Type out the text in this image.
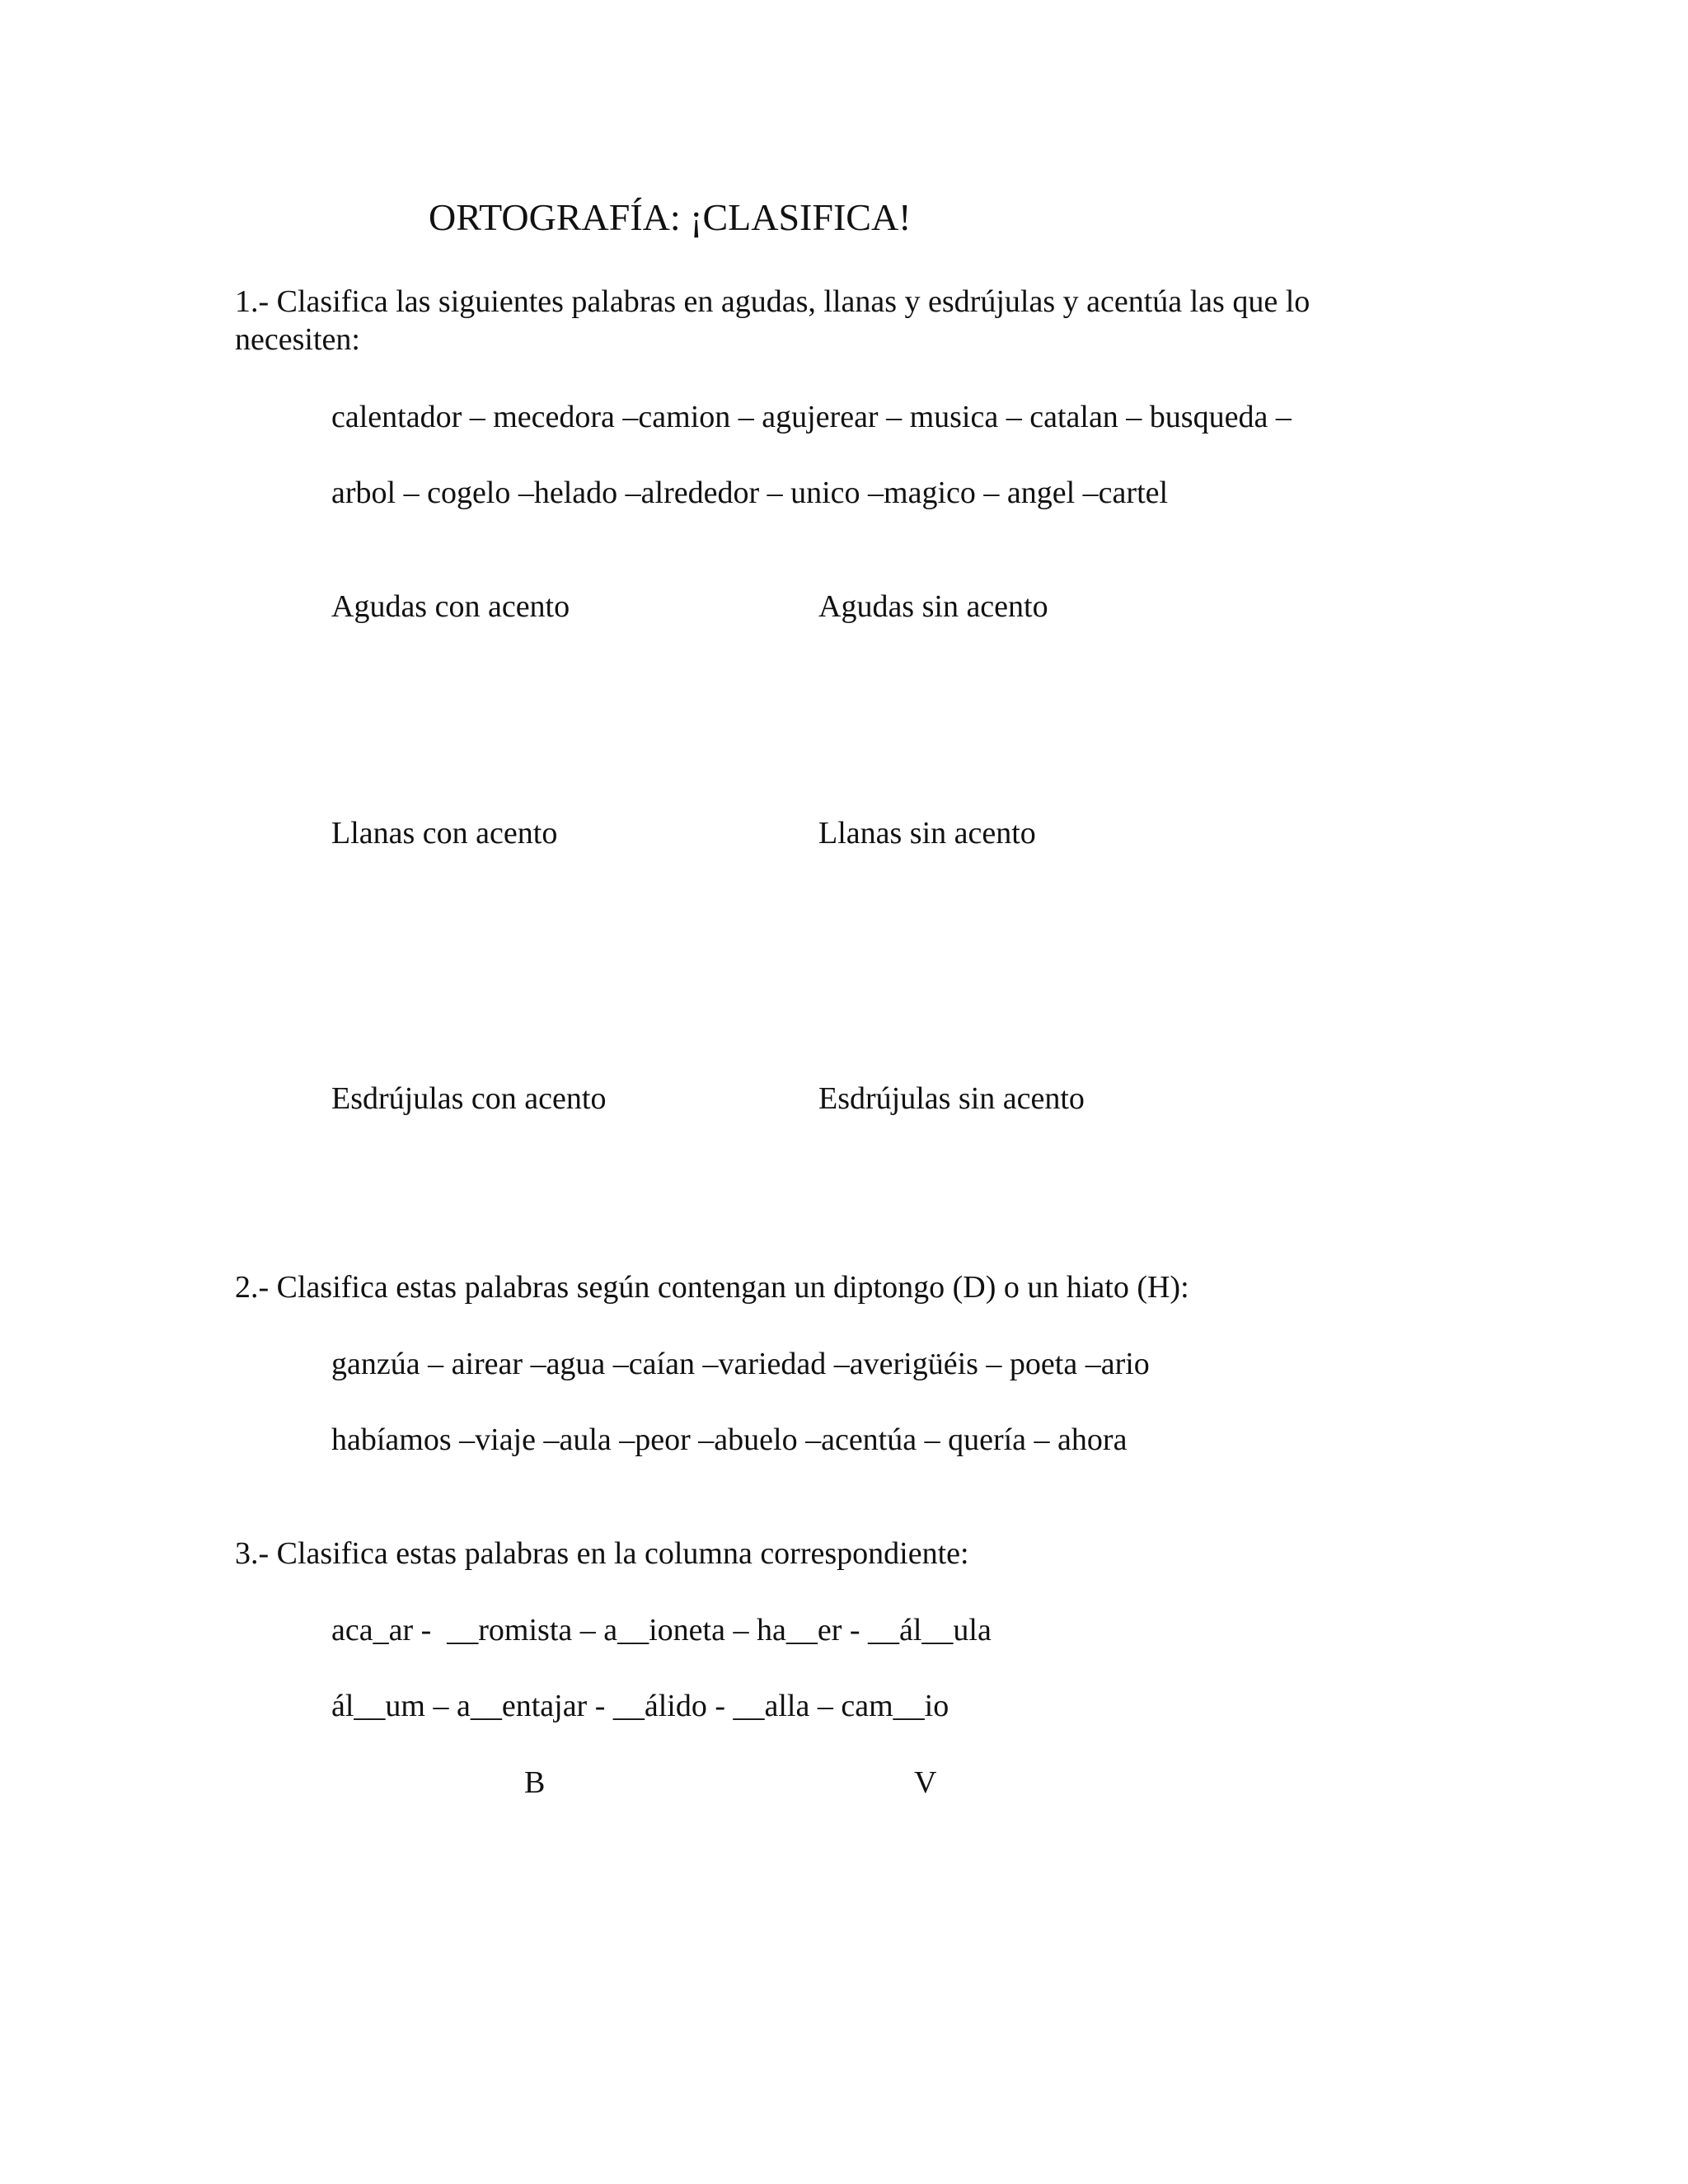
ORTOGRAFÍA: ¡CLASIFICA!
1.- Clasifica las siguientes palabras en agudas, llanas y esdrújulas y acentúa las que lo necesiten:
calentador – mecedora –camion – agujerear – musica – catalan – busqueda –
arbol – cogelo –helado –alrededor – unico –magico – angel –cartel
Agudas con acento	Agudas sin acento
Llanas con acento	Llanas sin acento
Esdrújulas con acento	Esdrújulas sin acento
2.- Clasifica estas palabras según contengan un diptongo (D) o un hiato (H):
ganzúa – airear –agua –caían –variedad –averigüéis – poeta –ario
habíamos –viaje –aula –peor –abuelo –acentúa – quería – ahora
3.- Clasifica estas palabras en la columna correspondiente:
aca_ar -  __romista – a__ioneta – ha__er - __ál__ula
ál__um – a__entajar - __álido - __alla – cam__io
B	V
